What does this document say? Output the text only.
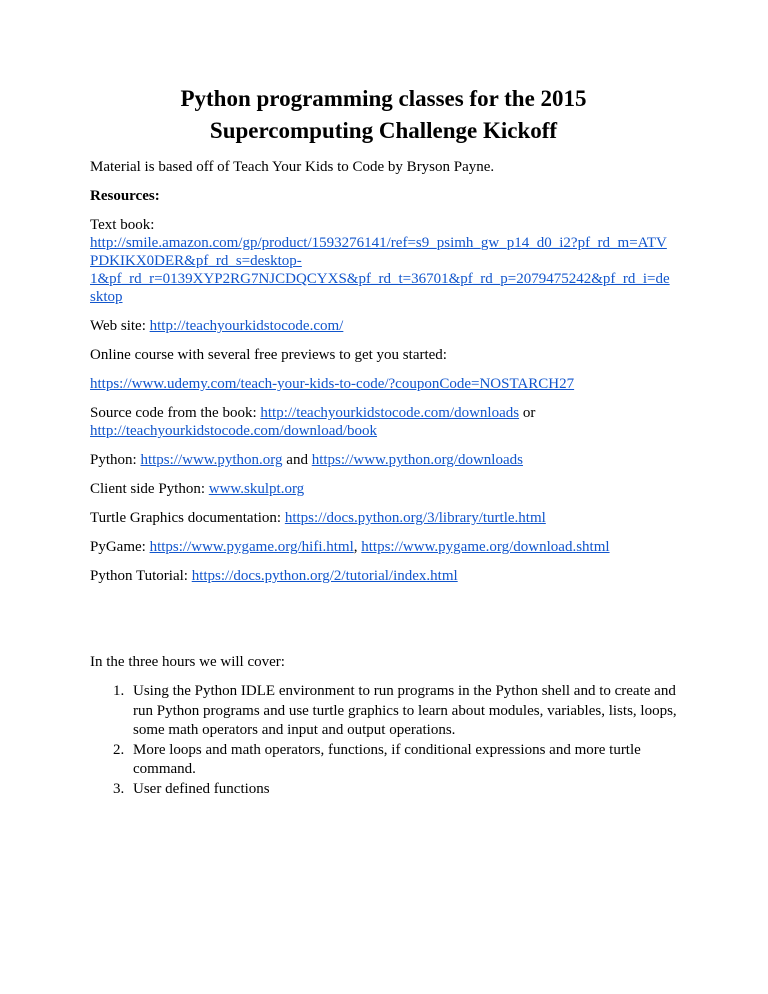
Python programming classes for the 2015
Supercomputing Challenge Kickoff

Material is based off of Teach Your Kids to Code by Bryson Payne.

Resources:

Text book:
http://smile.amazon.com/gp/product/1593276141/ref=s9_psimh_gw_p14_d0_i2?pf_rd_m=ATV
PDKIKX0DER&pf_rd_s=desktop-
1&pf_rd_r=0139XYP2RG7NJCDQCYXS&pf_rd_t=36701&pf_rd_p=2079475242&pf_rd_i=de
sktop

Web site: http://teachyourkidstocode.com/

Online course with several free previews to get you started:

https://www.udemy.com/teach-your-kids-to-code/?couponCode=NOSTARCH27

Source code from the book: http://teachyourkidstocode.com/downloads or http://teachyourkidstocode.com/download/book

Python: https://www.python.org and https://www.python.org/downloads

Client side Python: www.skulpt.org

Turtle Graphics documentation: https://docs.python.org/3/library/turtle.html

PyGame: https://www.pygame.org/hifi.html, https://www.pygame.org/download.shtml

Python Tutorial: https://docs.python.org/2/tutorial/index.html

In the three hours we will cover:

1. Using the Python IDLE environment to run programs in the Python shell and to create and run Python programs and use turtle graphics to learn about modules, variables, lists, loops, some math operators and input and output operations.
2. More loops and math operators, functions, if conditional expressions and more turtle command.
3. User defined functions
